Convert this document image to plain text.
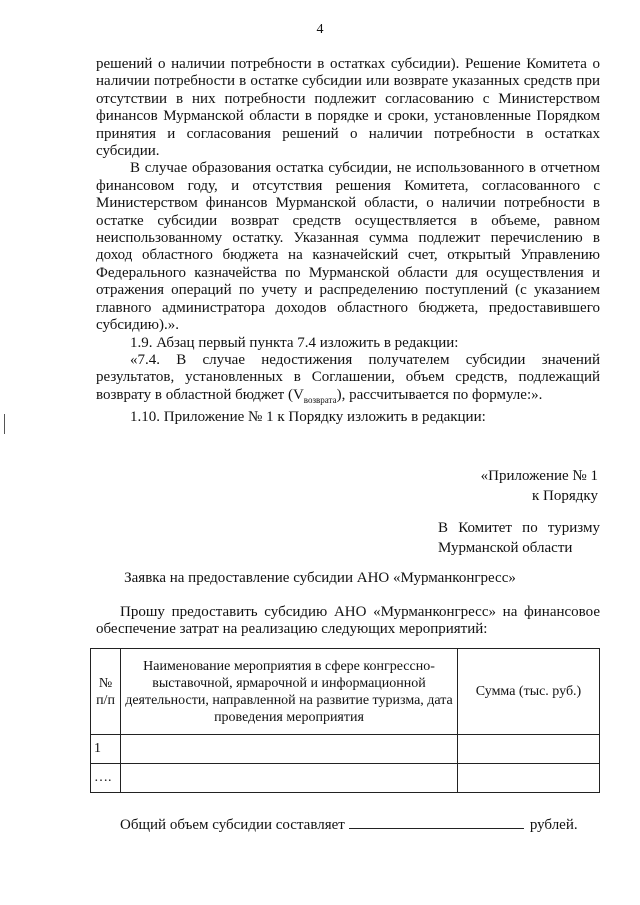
4

решений о наличии потребности в остатках субсидии). Решение Комитета о
наличии потребности в остатке субсидии или возврате указанных средств при
отсутствии в них потребности подлежит согласованию с Министерством
финансов Мурманской области в порядке и сроки, установленные Порядком
принятия и согласования решений о наличии потребности в остатках
субсидии.

В случае образования остатка субсидии, не использованного в отчетном
финансовом году, и отсутствия решения Комитета, согласованного с
Министерством финансов Мурманской области, о наличии потребности в
остатке субсидии возврат средств осуществляется в объеме, равном
неиспользованному остатку. Указанная сумма подлежит перечислению в
доход областного бюджета на казначейский счет, открытый Управлению
Федерального казначейства по Мурманской области для осуществления и
отражения операций по учету и распределению поступлений (с указанием
главного администратора доходов областного бюджета, предоставившего
субсидию).».

1.9. Абзац первый пункта 7.4 изложить в редакции:

«7.4. В случае недостижения получателем субсидии значений
результатов, установленных в Соглашении, объем средств, подлежащий
возврату в областной бюджет $(V_{возврата})$, рассчитывается по формуле:».

1.10. Приложение № 1 к Порядку изложить в редакции:

«Приложение № 1
к Порядку
В Комитет по туризму
Мурманской области
Заявка на предоставление субсидии АНО «Мурманконгресс»

Прошу предоставить субсидию АНО «Мурманконгресс» на финансовое
обеспечение затрат на реализацию следующих мероприятий:

№ п/п	Наименование мероприятия в сфере конгрессно-выставочной, ярмарочной и информационной деятельности, направленной на развитие туризма, дата проведения мероприятия	Сумма (тыс. руб.)
1		
….		
Общий объем субсидии составляет	рублей.
